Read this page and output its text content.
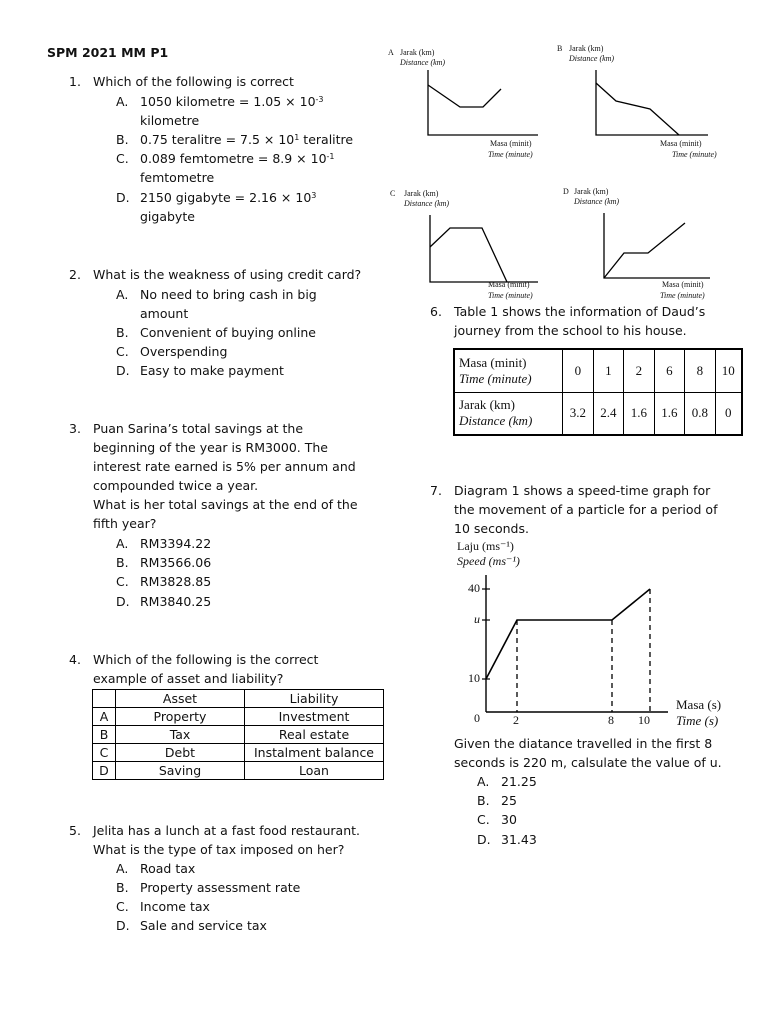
SPM 2021 MM P1
1. Which of the following is correct
A. 1050 kilometre = $1.05 \times 10^{-3}$
kilometre
B. 0.75 teralitre = $7.5 \times 10^1$ teralitre
C. 0.089 femtometre = $8.9 \times 10^{-1}$
femtometre
D. 2150 gigabyte = $2.16 \times 10^3$
gigabyte
2. What is the weakness of using credit card?
A. No need to bring cash in big
amount
B. Convenient of buying online
C. Overspending
D. Easy to make payment
3. Puan Sarina’s total savings at the
beginning of the year is RM3000. The
interest rate earned is 5% per annum and
compounded twice a year.
What is her total savings at the end of the
fifth year?
A. RM3394.22
B. RM3566.06
C. RM3828.85
D. RM3840.25
4. Which of the following is the correct
example of asset and liability?
	Asset	Liability
A	Property	Investment
B	Tax	Real estate
C	Debt	Instalment balance
D	Saving	Loan
5. Jelita has a lunch at a fast food restaurant.
What is the type of tax imposed on her?
A. Road tax
B. Property assessment rate
C. Income tax
D. Sale and service tax
A Jarak (km)
Distance (km)
Masa (minit)
Time (minute)
B Jarak (km)
Distance (km)
Masa (minit)
Time (minute)
C Jarak (km)
Distance (km)
Masa (minit)
Time (minute)
D Jarak (km)
Distance (km)
Masa (minit)
Time (minute)
6. Table 1 shows the information of Daud’s
journey from the school to his house.
Masa (minit)
Time (minute)	0	1	2	6	8	10
Jarak (km)
Distance (km)	3.2	2.4	1.6	1.6	0.8	0
7. Diagram 1 shows a speed-time graph for
the movement of a particle for a period of
10 seconds.
Laju (ms⁻¹)
Speed (ms⁻¹)
40
u
10
0	2	8 10
Masa (s)
Time (s)
Given the diatance travelled in the first 8
seconds is 220 m, calsulate the value of u.
A. 21.25
B. 25
C. 30
D. 31.43
